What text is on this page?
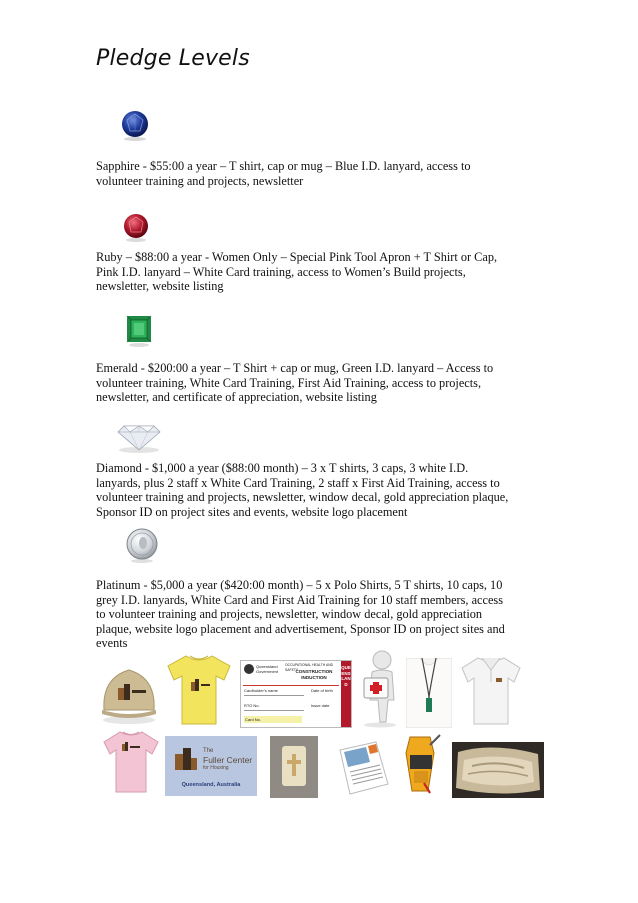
Pledge Levels

Sapphire - $55:00 a year – T shirt, cap or mug – Blue I.D. lanyard, access to volunteer training and projects, newsletter

Ruby – $88:00 a year - Women Only – Special Pink Tool Apron + T Shirt or Cap, Pink I.D. lanyard – White Card training, access to Women’s Build projects, newsletter, website listing

Emerald - $200:00 a year – T Shirt + cap or mug, Green I.D. lanyard – Access to volunteer training, White Card Training, First Aid Training, access to projects, newsletter, and certificate of appreciation, website listing

Diamond - $1,000 a year ($88:00 month) – 3 x T shirts, 3 caps, 3 white I.D. lanyards, plus 2 staff x White Card Training, 2 staff x First Aid Training, access to volunteer training and projects, newsletter, window decal, gold appreciation plaque, Sponsor ID on project sites and events, website logo placement

Platinum - $5,000 a year ($420:00 month) – 5 x Polo Shirts, 5 T shirts, 10 caps, 10 grey I.D. lanyards, White Card and First Aid Training for 10 staff members, access to volunteer training and projects, newsletter, window decal, gold appreciation plaque, website logo placement and advertisement, Sponsor ID on project sites and events

Queensland Government
OCCUPATIONAL HEALTH AND SAFETY
CONSTRUCTION INDUCTION
Cardholder’s name	Date of birth
RTO No.	Issue date
Card No.
QUEENSLAND
The
Fuller Center
for Housing
Queensland, Australia
